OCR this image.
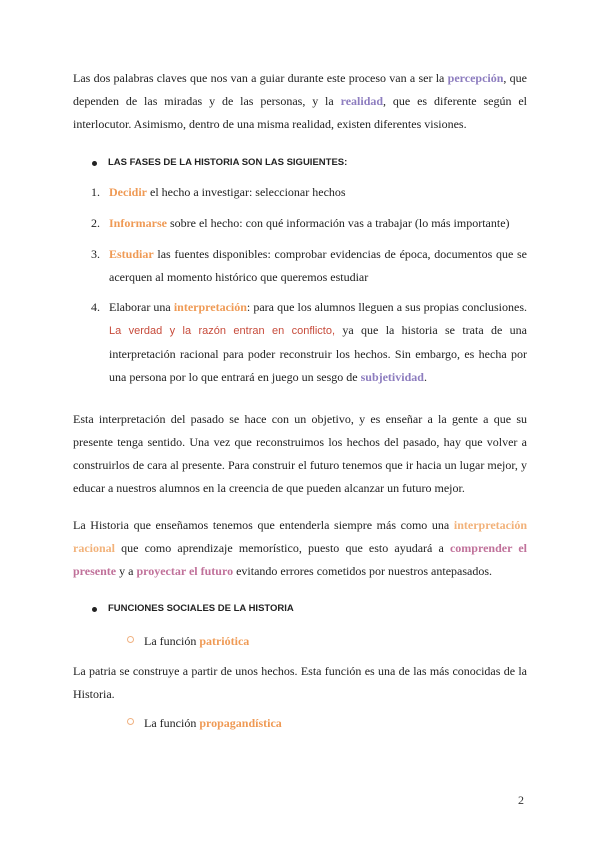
Las dos palabras claves que nos van a guiar durante este proceso van a ser la percepción, que dependen de las miradas y de las personas, y la realidad, que es diferente según el interlocutor. Asimismo, dentro de una misma realidad, existen diferentes visiones.

LAS FASES DE LA HISTORIA SON LAS SIGUIENTES:
1. Decidir el hecho a investigar: seleccionar hechos
2. Informarse sobre el hecho: con qué información vas a trabajar (lo más importante)
3. Estudiar las fuentes disponibles: comprobar evidencias de época, documentos que se acerquen al momento histórico que queremos estudiar
4. Elaborar una interpretación: para que los alumnos lleguen a sus propias conclusiones. La verdad y la razón entran en conflicto, ya que la historia se trata de una interpretación racional para poder reconstruir los hechos. Sin embargo, es hecha por una persona por lo que entrará en juego un sesgo de subjetividad.

Esta interpretación del pasado se hace con un objetivo, y es enseñar a la gente a que su presente tenga sentido. Una vez que reconstruimos los hechos del pasado, hay que volver a construirlos de cara al presente. Para construir el futuro tenemos que ir hacia un lugar mejor, y educar a nuestros alumnos en la creencia de que pueden alcanzar un futuro mejor.

La Historia que enseñamos tenemos que entenderla siempre más como una interpretación racional que como aprendizaje memorístico, puesto que esto ayudará a comprender el presente y a proyectar el futuro evitando errores cometidos por nuestros antepasados.

FUNCIONES SOCIALES DE LA HISTORIA
La función patriótica

La patria se construye a partir de unos hechos. Esta función es una de las más conocidas de la Historia.

La función propagandística
2
